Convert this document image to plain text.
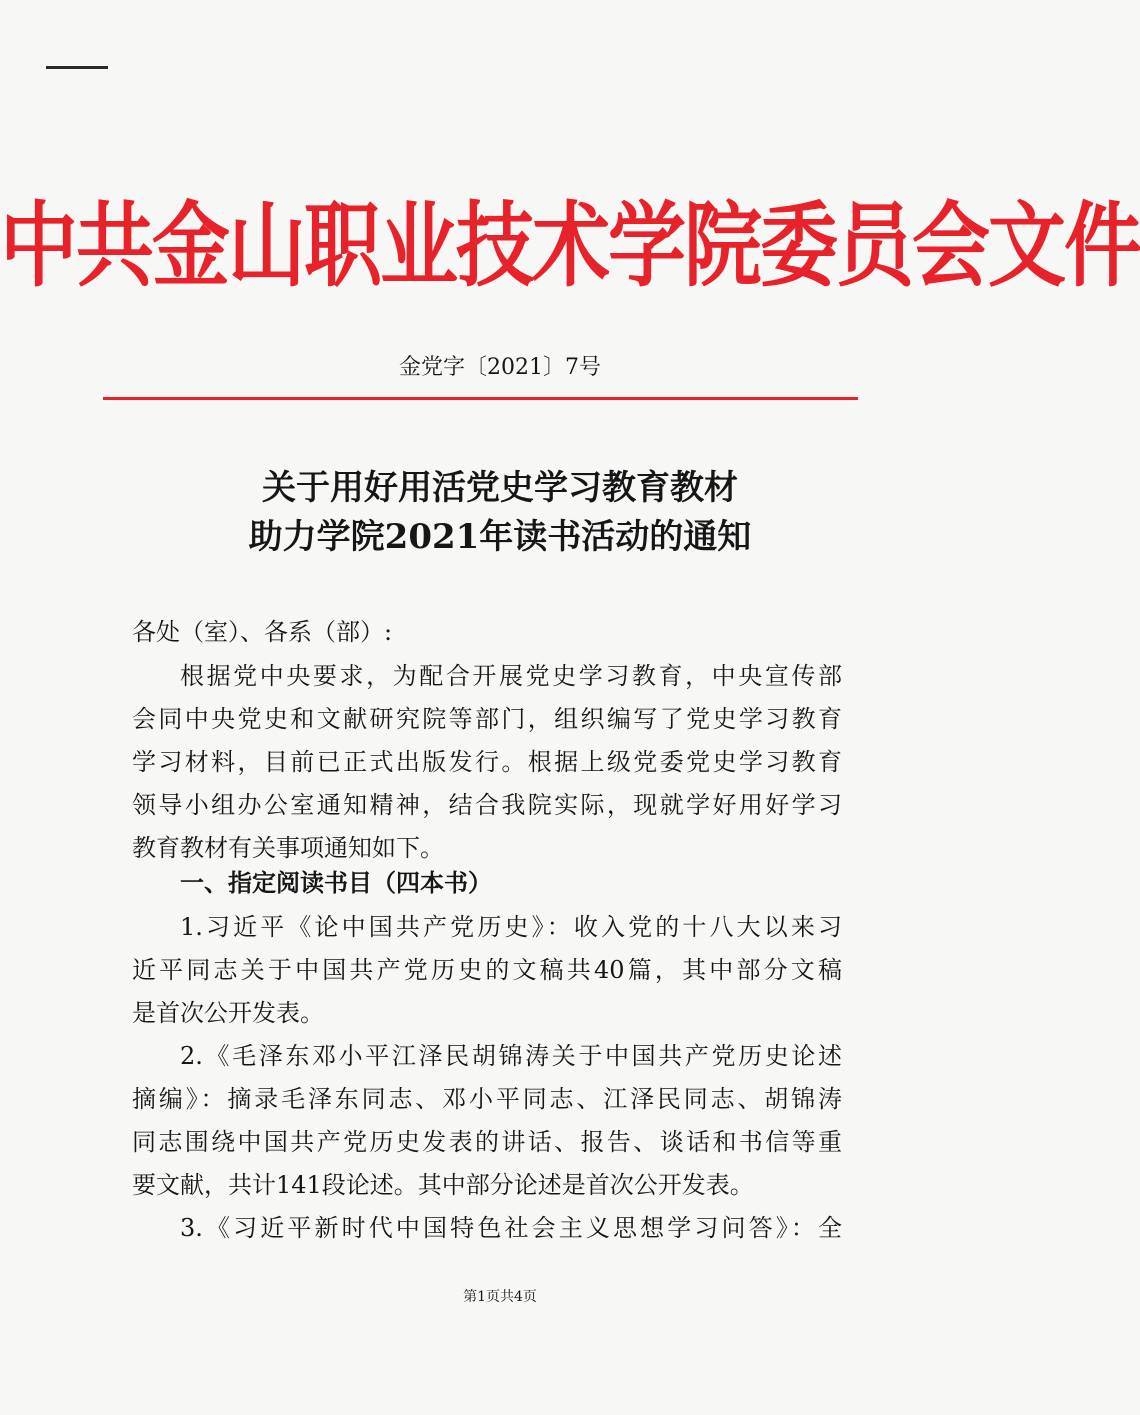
中共金山职业技术学院委员会文件
金党字〔2021〕7号
关于用好用活党史学习教育教材
助力学院2021年读书活动的通知
各处（室）、各系（部）:
根据党中央要求，为配合开展党史学习教育，中央宣传部
会同中央党史和文献研究院等部门，组织编写了党史学习教育
学习材料，目前已正式出版发行。根据上级党委党史学习教育
领导小组办公室通知精神，结合我院实际，现就学好用好学习
教育教材有关事项通知如下。
一、指定阅读书目（四本书）
1.习近平《论中国共产党历史》：收入党的十八大以来习
近平同志关于中国共产党历史的文稿共40篇，其中部分文稿
是首次公开发表。
2.《毛泽东邓小平江泽民胡锦涛关于中国共产党历史论述
摘编》：摘录毛泽东同志、邓小平同志、江泽民同志、胡锦涛
同志围绕中国共产党历史发表的讲话、报告、谈话和书信等重
要文献，共计141段论述。其中部分论述是首次公开发表。
3.《习近平新时代中国特色社会主义思想学习问答》：全
第1页共4页
